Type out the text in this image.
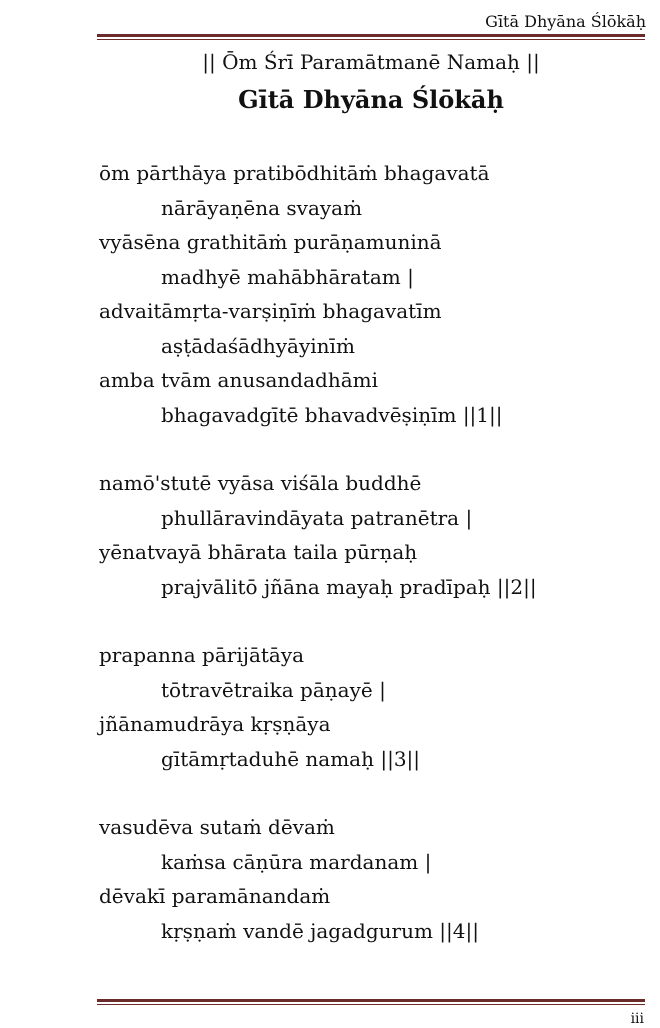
Gītā Dhyāna Ślōkāḥ
|| Ōm Śrī Paramātmanē Namaḥ ||
Gītā Dhyāna Ślōkāḥ
ōm pārthāya pratibōdhitāṁ bhagavatā
nārāyaṇēna svayaṁ
vyāsēna grathitāṁ purāṇamuninā
madhyē mahābhāratam |
advaitāmṛta-varṣiṇīṁ bhagavatīm
aṣṭādaśādhyāyinīṁ
amba tvām anusandadhāmi
bhagavadgītē bhavadvēṣiṇīm ||1||
namō'stutē vyāsa viśāla buddhē
phullāravindāyata patranētra |
yēnatvayā bhārata taila pūrṇaḥ
prajvālitō jñāna mayaḥ pradīpaḥ ||2||
prapanna pārijātāya
tōtravētraika pāṇayē |
jñānamudrāya kṛṣṇāya
gītāmṛtaduhē namaḥ ||3||
vasudēva sutaṁ dēvaṁ
kaṁsa cāṇūra mardanam |
dēvakī paramānandaṁ
kṛṣṇaṁ vandē jagadgurum ||4||
iii
